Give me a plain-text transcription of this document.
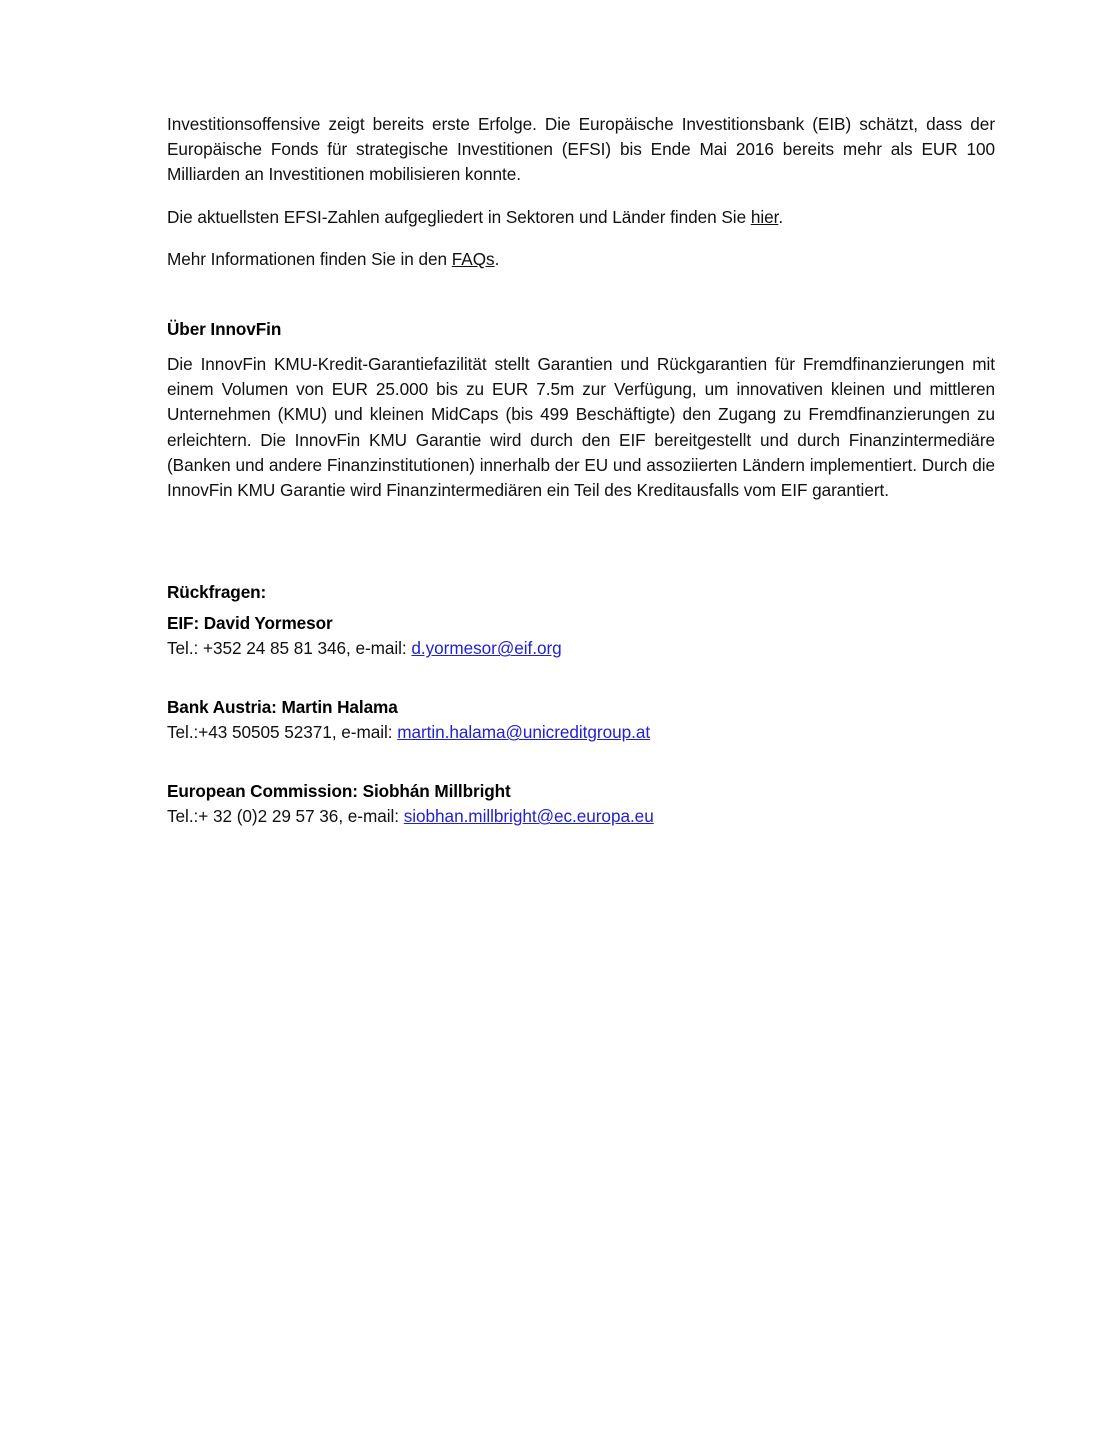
Investitionsoffensive zeigt bereits erste Erfolge. Die Europäische Investitionsbank (EIB) schätzt, dass der Europäische Fonds für strategische Investitionen (EFSI) bis Ende Mai 2016 bereits mehr als EUR 100 Milliarden an Investitionen mobilisieren konnte.

Die aktuellsten EFSI-Zahlen aufgegliedert in Sektoren und Länder finden Sie hier.

Mehr Informationen finden Sie in den FAQs.

Über InnovFin

Die InnovFin KMU-Kredit-Garantiefazilität stellt Garantien und Rückgarantien für Fremdfinanzierungen mit einem Volumen von EUR 25.000 bis zu EUR 7.5m zur Verfügung, um innovativen kleinen und mittleren Unternehmen (KMU) und kleinen MidCaps (bis 499 Beschäftigte) den Zugang zu Fremdfinanzierungen zu erleichtern. Die InnovFin KMU Garantie wird durch den EIF bereitgestellt und durch Finanzintermediäre (Banken und andere Finanzinstitutionen) innerhalb der EU und assoziierten Ländern implementiert. Durch die InnovFin KMU Garantie wird Finanzintermediären ein Teil des Kreditausfalls vom EIF garantiert.

Rückfragen:
EIF: David Yormesor

Tel.: +352 24 85 81 346, e-mail: d.yormesor@eif.org

Bank Austria: Martin Halama

Tel.:+43 50505 52371, e-mail: martin.halama@unicreditgroup.at

European Commission: Siobhán Millbright

Tel.:+ 32 (0)2 29 57 36, e-mail: siobhan.millbright@ec.europa.eu
